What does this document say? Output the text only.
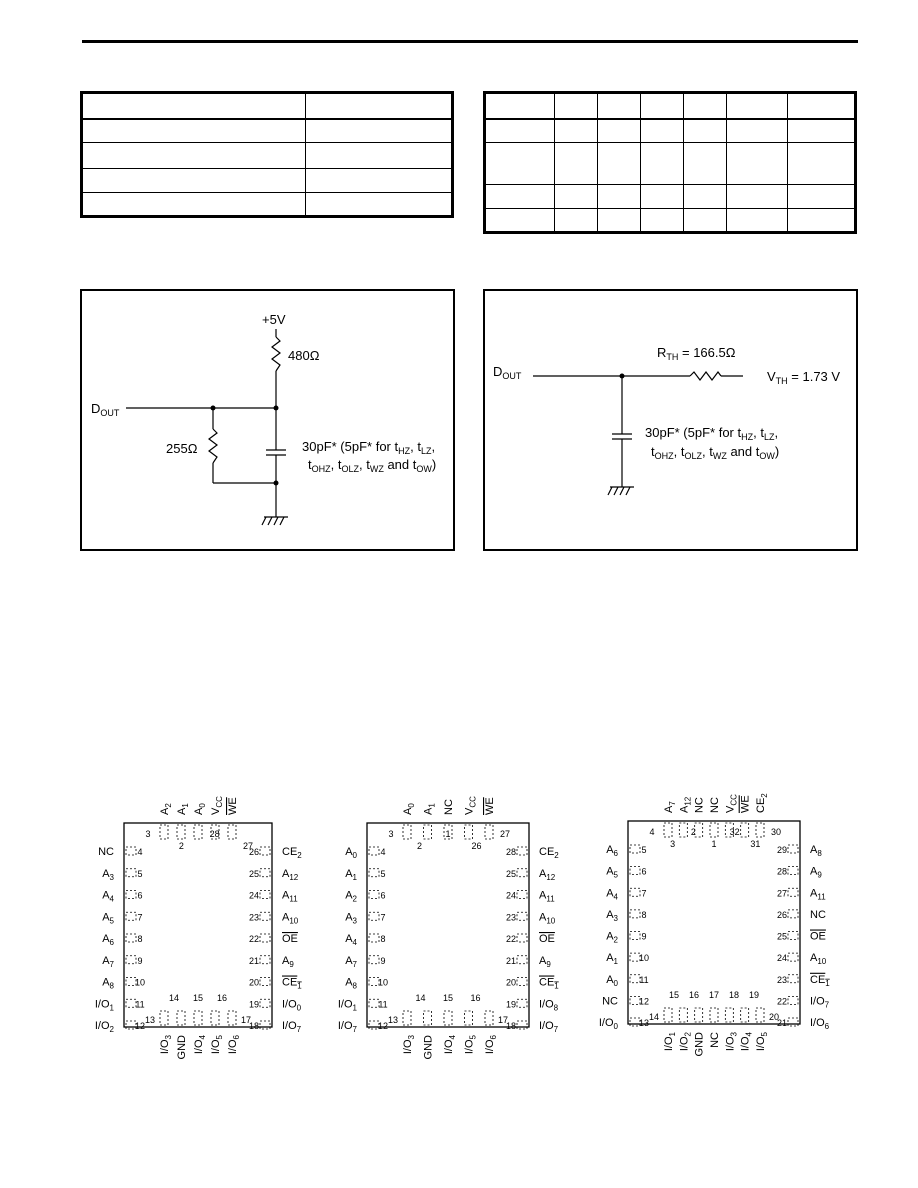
+5V
480Ω
255Ω
$D_{OUT}$
30pF* (5pF* for $t_{HZ}$, $t_{LZ}$,
$t_{OHZ}$, $t_{OLZ}$, $t_{WZ}$ and $t_{OW}$)
$D_{OUT}$
$R_{TH} = 166.5\Omega$
$V_{TH} = 1.73$ V
30pF* (5pF* for $t_{HZ}$, $t_{LZ}$,
$t_{OHZ}$, $t_{OLZ}$, $t_{WZ}$ and $t_{OW}$)
NC	4
$A_3$	5
$A_4$	6
$A_5$	7
$A_6$	8
$A_7$	9
$A_8$ 10
$I/O_1$ 11
$I/O_2$ 12
$CE_2$
26
$A_{12}$
25
$A_{11}$
24
$A_{10}$
23
OE
22
$A_9$
21
$CE_1$
20
$I/O_0$
19
$I/O_7$
18
$A_2$
$A_1$
$A_0$
$V_{CC}$ WE
3
2
28
27
$I/O_3$ GND $I/O_4$
$I/O_5$
$I/O_6$
13
14 15 16
17
$A_0$	4
$A_1$	5
$A_2$	6
$A_3$	7
$A_4$	8
$A_7$	9
$A_8$ 10
$I/O_1$ 11
$I/O_7$ 12
$CE_2$
28
$A_{12}$
25
$A_{11}$
24
$A_{10}$
23
OE
22
$A_9$
21
$CE_1$
20
$I/O_8$
19
$I/O_7$
18
$A_0$
$A_1$ NC $V_{CC}$ WE
3
2
1
26
27
$I/O_3$ GND $I/O_4$
$I/O_5$
$I/O_6$
13
14 15 16
17
$A_6$	5
$A_5$	6
$A_4$	7
$A_3$	8
$A_2$	9
$A_1$ 10
$A_0$ 11
NC 12
$I/O_0$ 13
$A_8$
29
$A_9$
28
$A_{11}$
27
NC
26
OE
25
$A_{10}$
24
$CE_1$
23
$I/O_7$
22
$I/O_6$
21
$A_7$
$A_{12}$ NC NC $V_{CC}$ WE $CE_2$
4
3
2
1
32
31
30
$I/O_1$
$I/O_2$ GND NC $I/O_3$
$I/O_4$
$I/O_5$
14
15 16 17 18 19
20
